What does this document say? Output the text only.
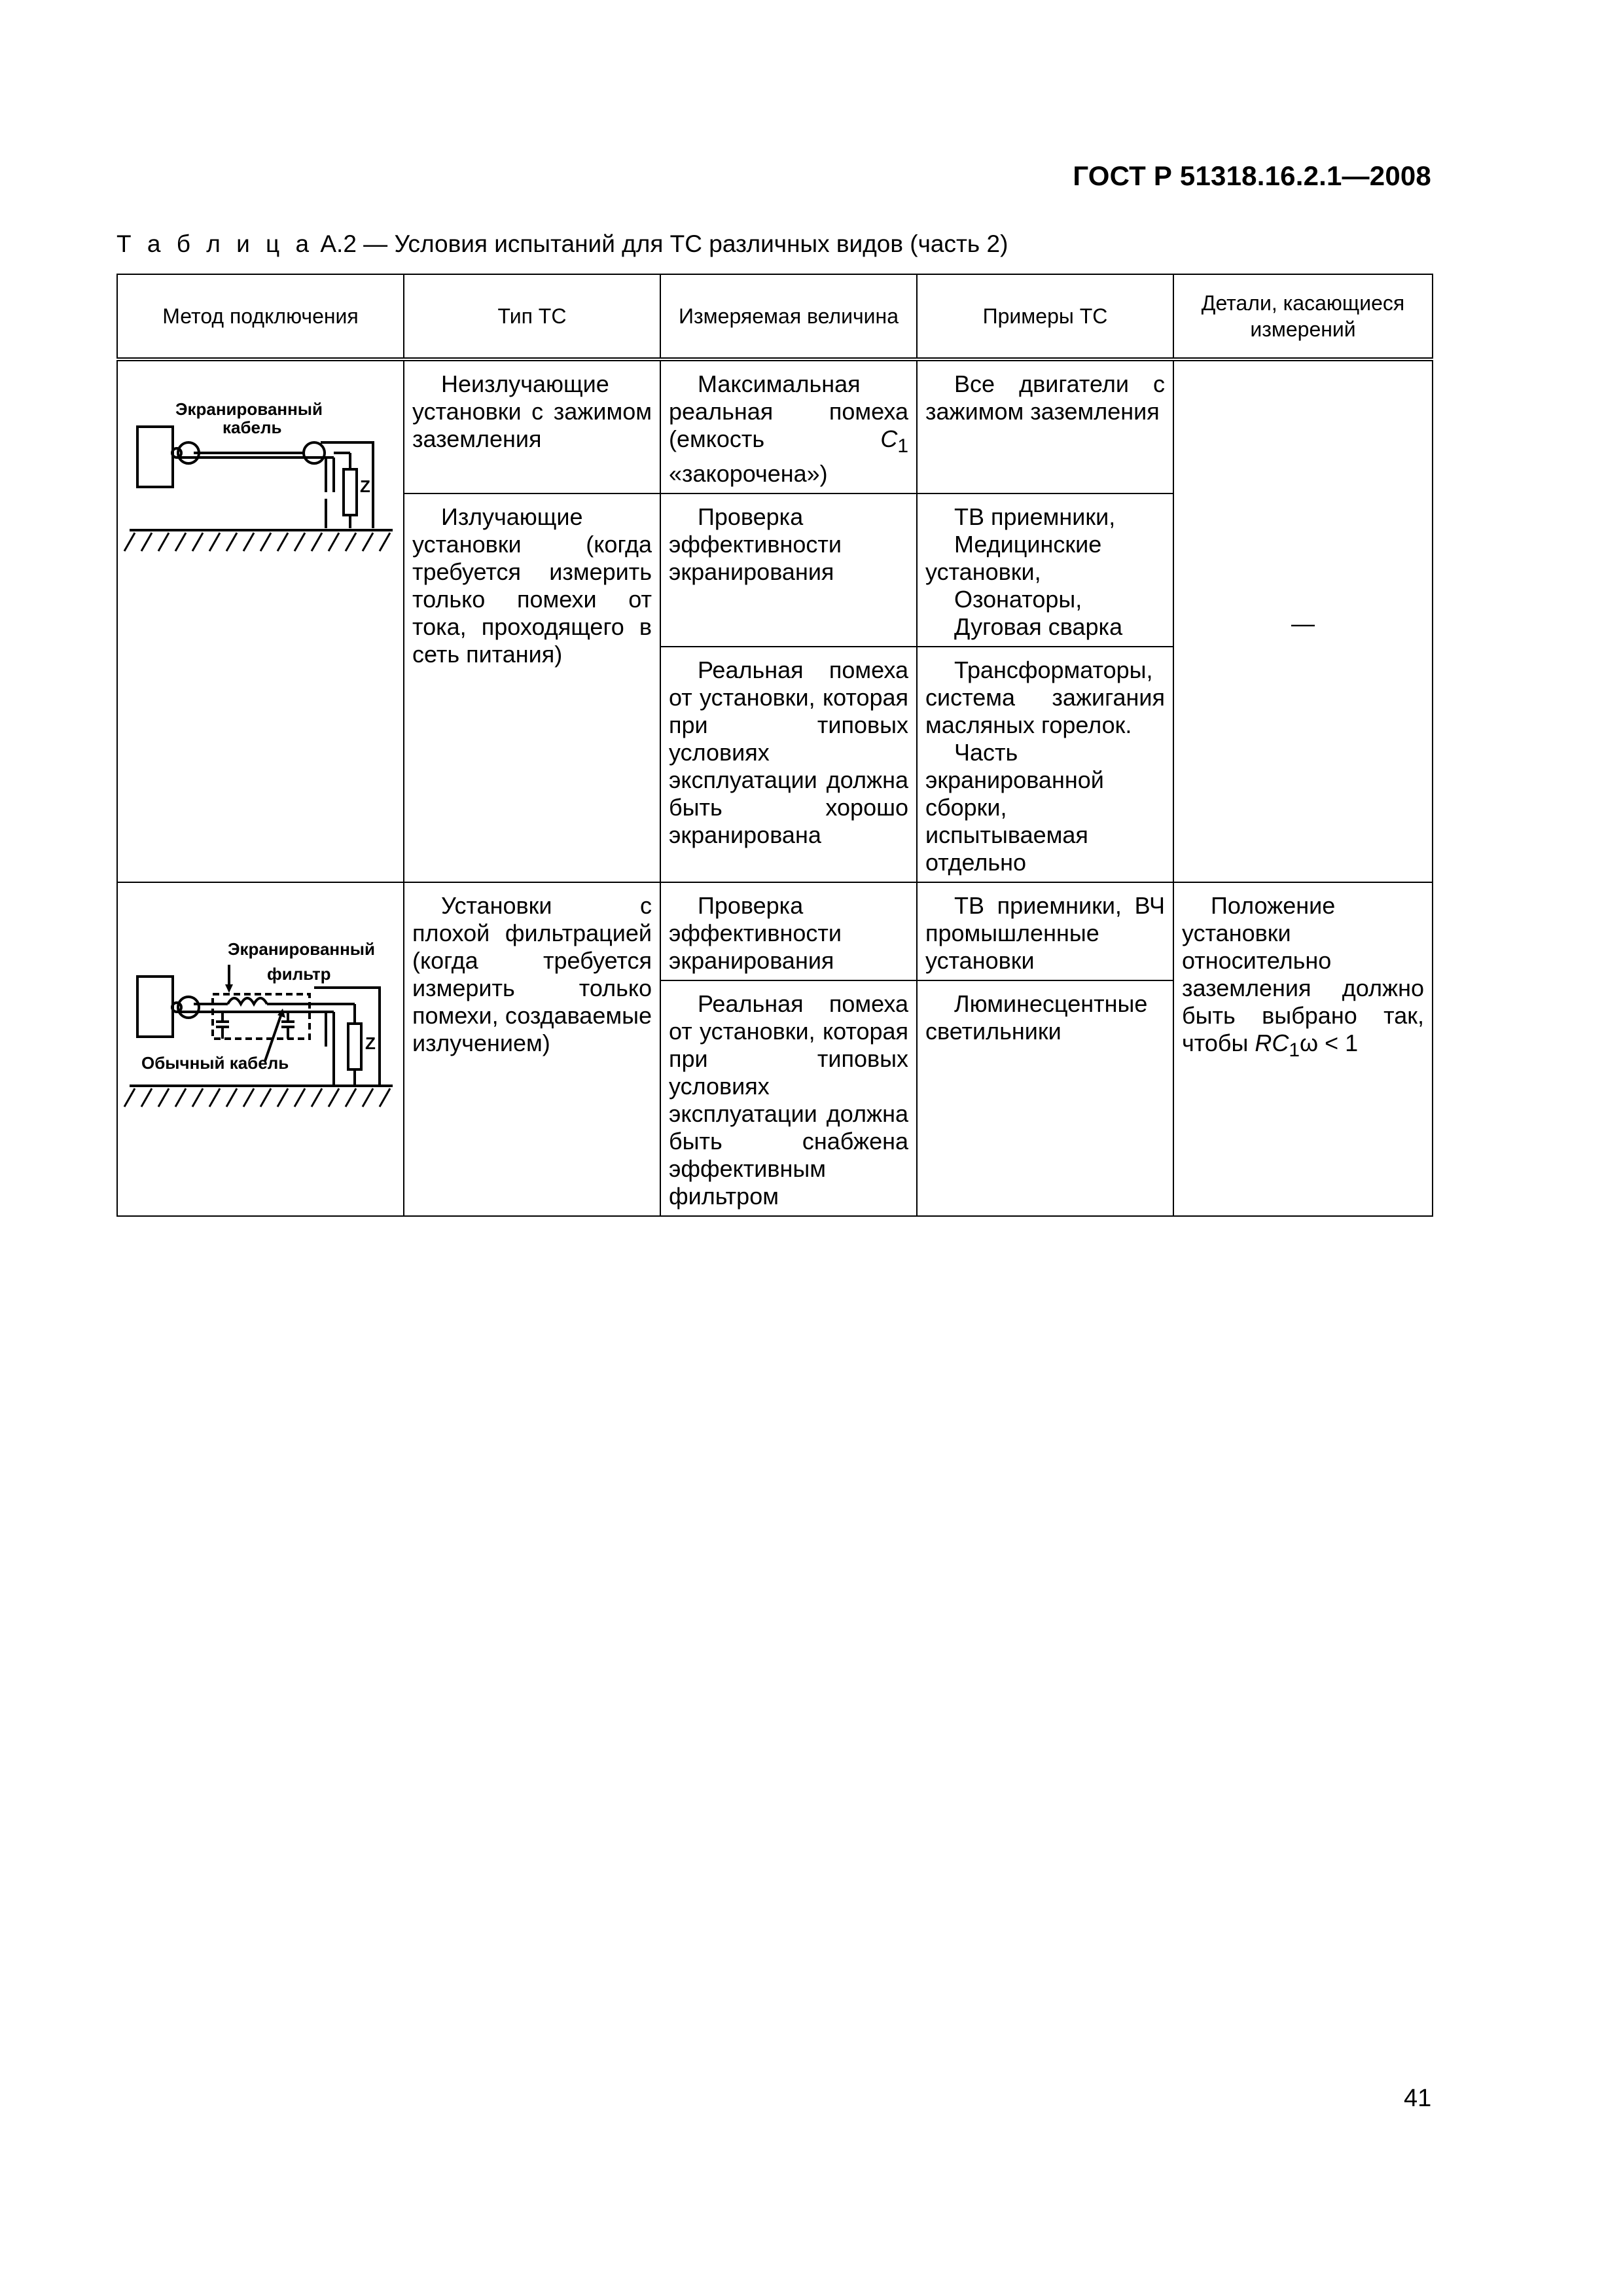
ГОСТ Р 51318.16.2.1—2008
Т а б л и ц а А.2 — Условия испытаний для ТС различных видов (часть 2)
Метод подключения	Тип ТС	Измеряемая величина	Примеры ТС	Детали, касающиеся измерений

Экранированный
кабель
Z	Неизлучающие установки с зажимом заземления	Максимальная реальная помеха (емкость $C_1$ «закорочена»)	Все двигатели с зажимом заземления	—
	Излучающие установки (когда требуется измерить только помехи от тока, проходящего в сеть питания)	Проверка эффективности экранирования	ТВ приемники,
Медицинские установки,
Озонаторы,
Дуговая сварка	

		Реальная помеха от установки, которая при типовых условиях эксплуатации должна быть хорошо экранирована	Трансформаторы, система зажигания масляных горелок.
Часть экранированной сборки, испытываемая отдельно	

Экранированный
фильтр
Обычный кабель
Z	Установки с плохой фильтрацией (когда требуется измерить только помехи, создаваемые излучением)	Проверка эффективности экранирования	ТВ приемники, ВЧ промышленные установки	Положение установки относительно заземления должно быть выбрано так, чтобы $RC_1\omega < 1$
		Реальная помеха от установки, которая при типовых условиях эксплуатации должна быть снабжена эффективным фильтром	Люминесцентные светильники	
41
